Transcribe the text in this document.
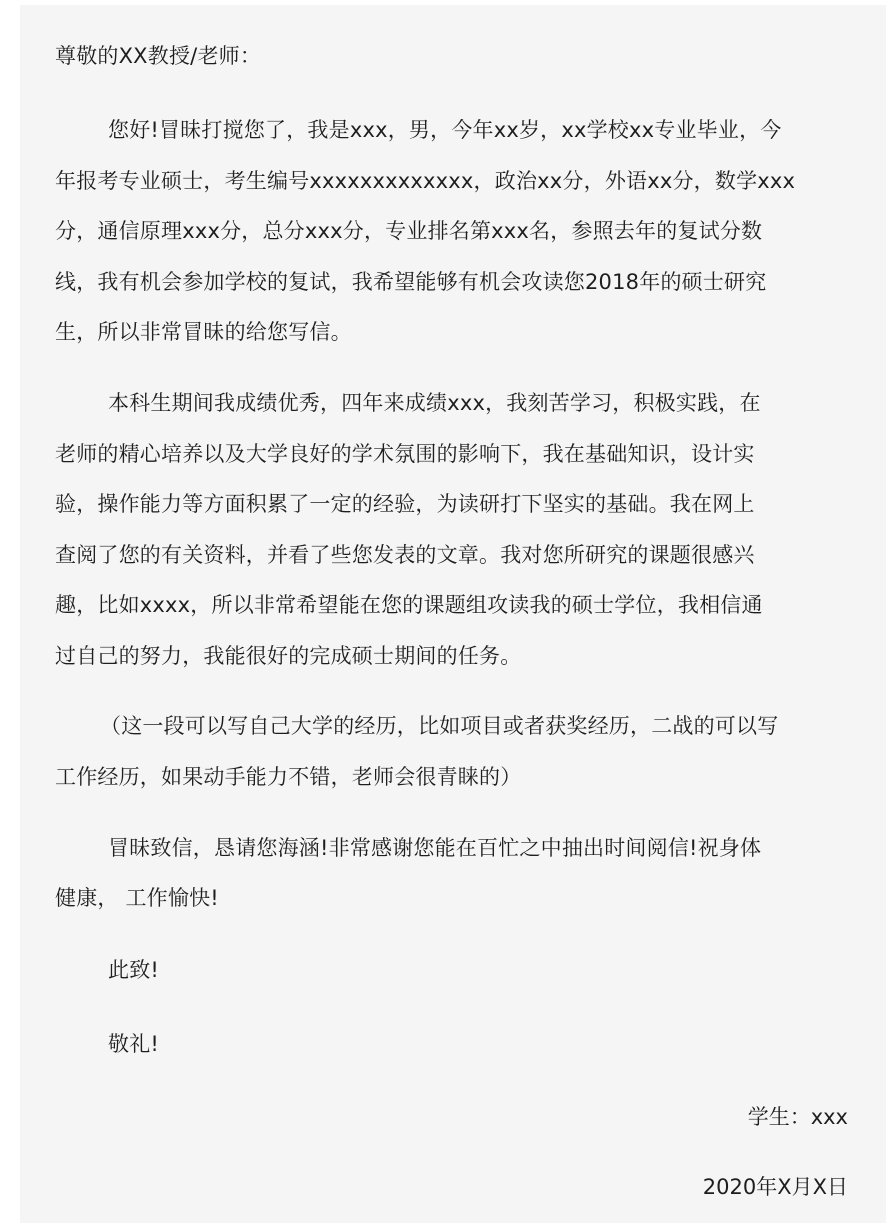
尊敬的XX教授/老师：
您好!冒昧打搅您了，我是xxx，男，今年xx岁，xx学校xx专业毕业，今
年报考专业硕士，考生编号xxxxxxxxxxxxx，政治xx分，外语xx分，数学xxx
分，通信原理xxx分，总分xxx分，专业排名第xxx名，参照去年的复试分数
线，我有机会参加学校的复试，我希望能够有机会攻读您2018年的硕士研究
生，所以非常冒昧的给您写信。
本科生期间我成绩优秀，四年来成绩xxx，我刻苦学习，积极实践，在
老师的精心培养以及大学良好的学术氛围的影响下，我在基础知识，设计实
验，操作能力等方面积累了一定的经验，为读研打下坚实的基础。我在网上
查阅了您的有关资料，并看了些您发表的文章。我对您所研究的课题很感兴
趣，比如xxxx，所以非常希望能在您的课题组攻读我的硕士学位，我相信通
过自己的努力，我能很好的完成硕士期间的任务。
（这一段可以写自己大学的经历，比如项目或者获奖经历，二战的可以写
工作经历，如果动手能力不错，老师会很青睐的）
冒昧致信，恳请您海涵!非常感谢您能在百忙之中抽出时间阅信!祝身体
健康， 工作愉快!
此致!
敬礼!
学生：xxx
2020年X月X日
